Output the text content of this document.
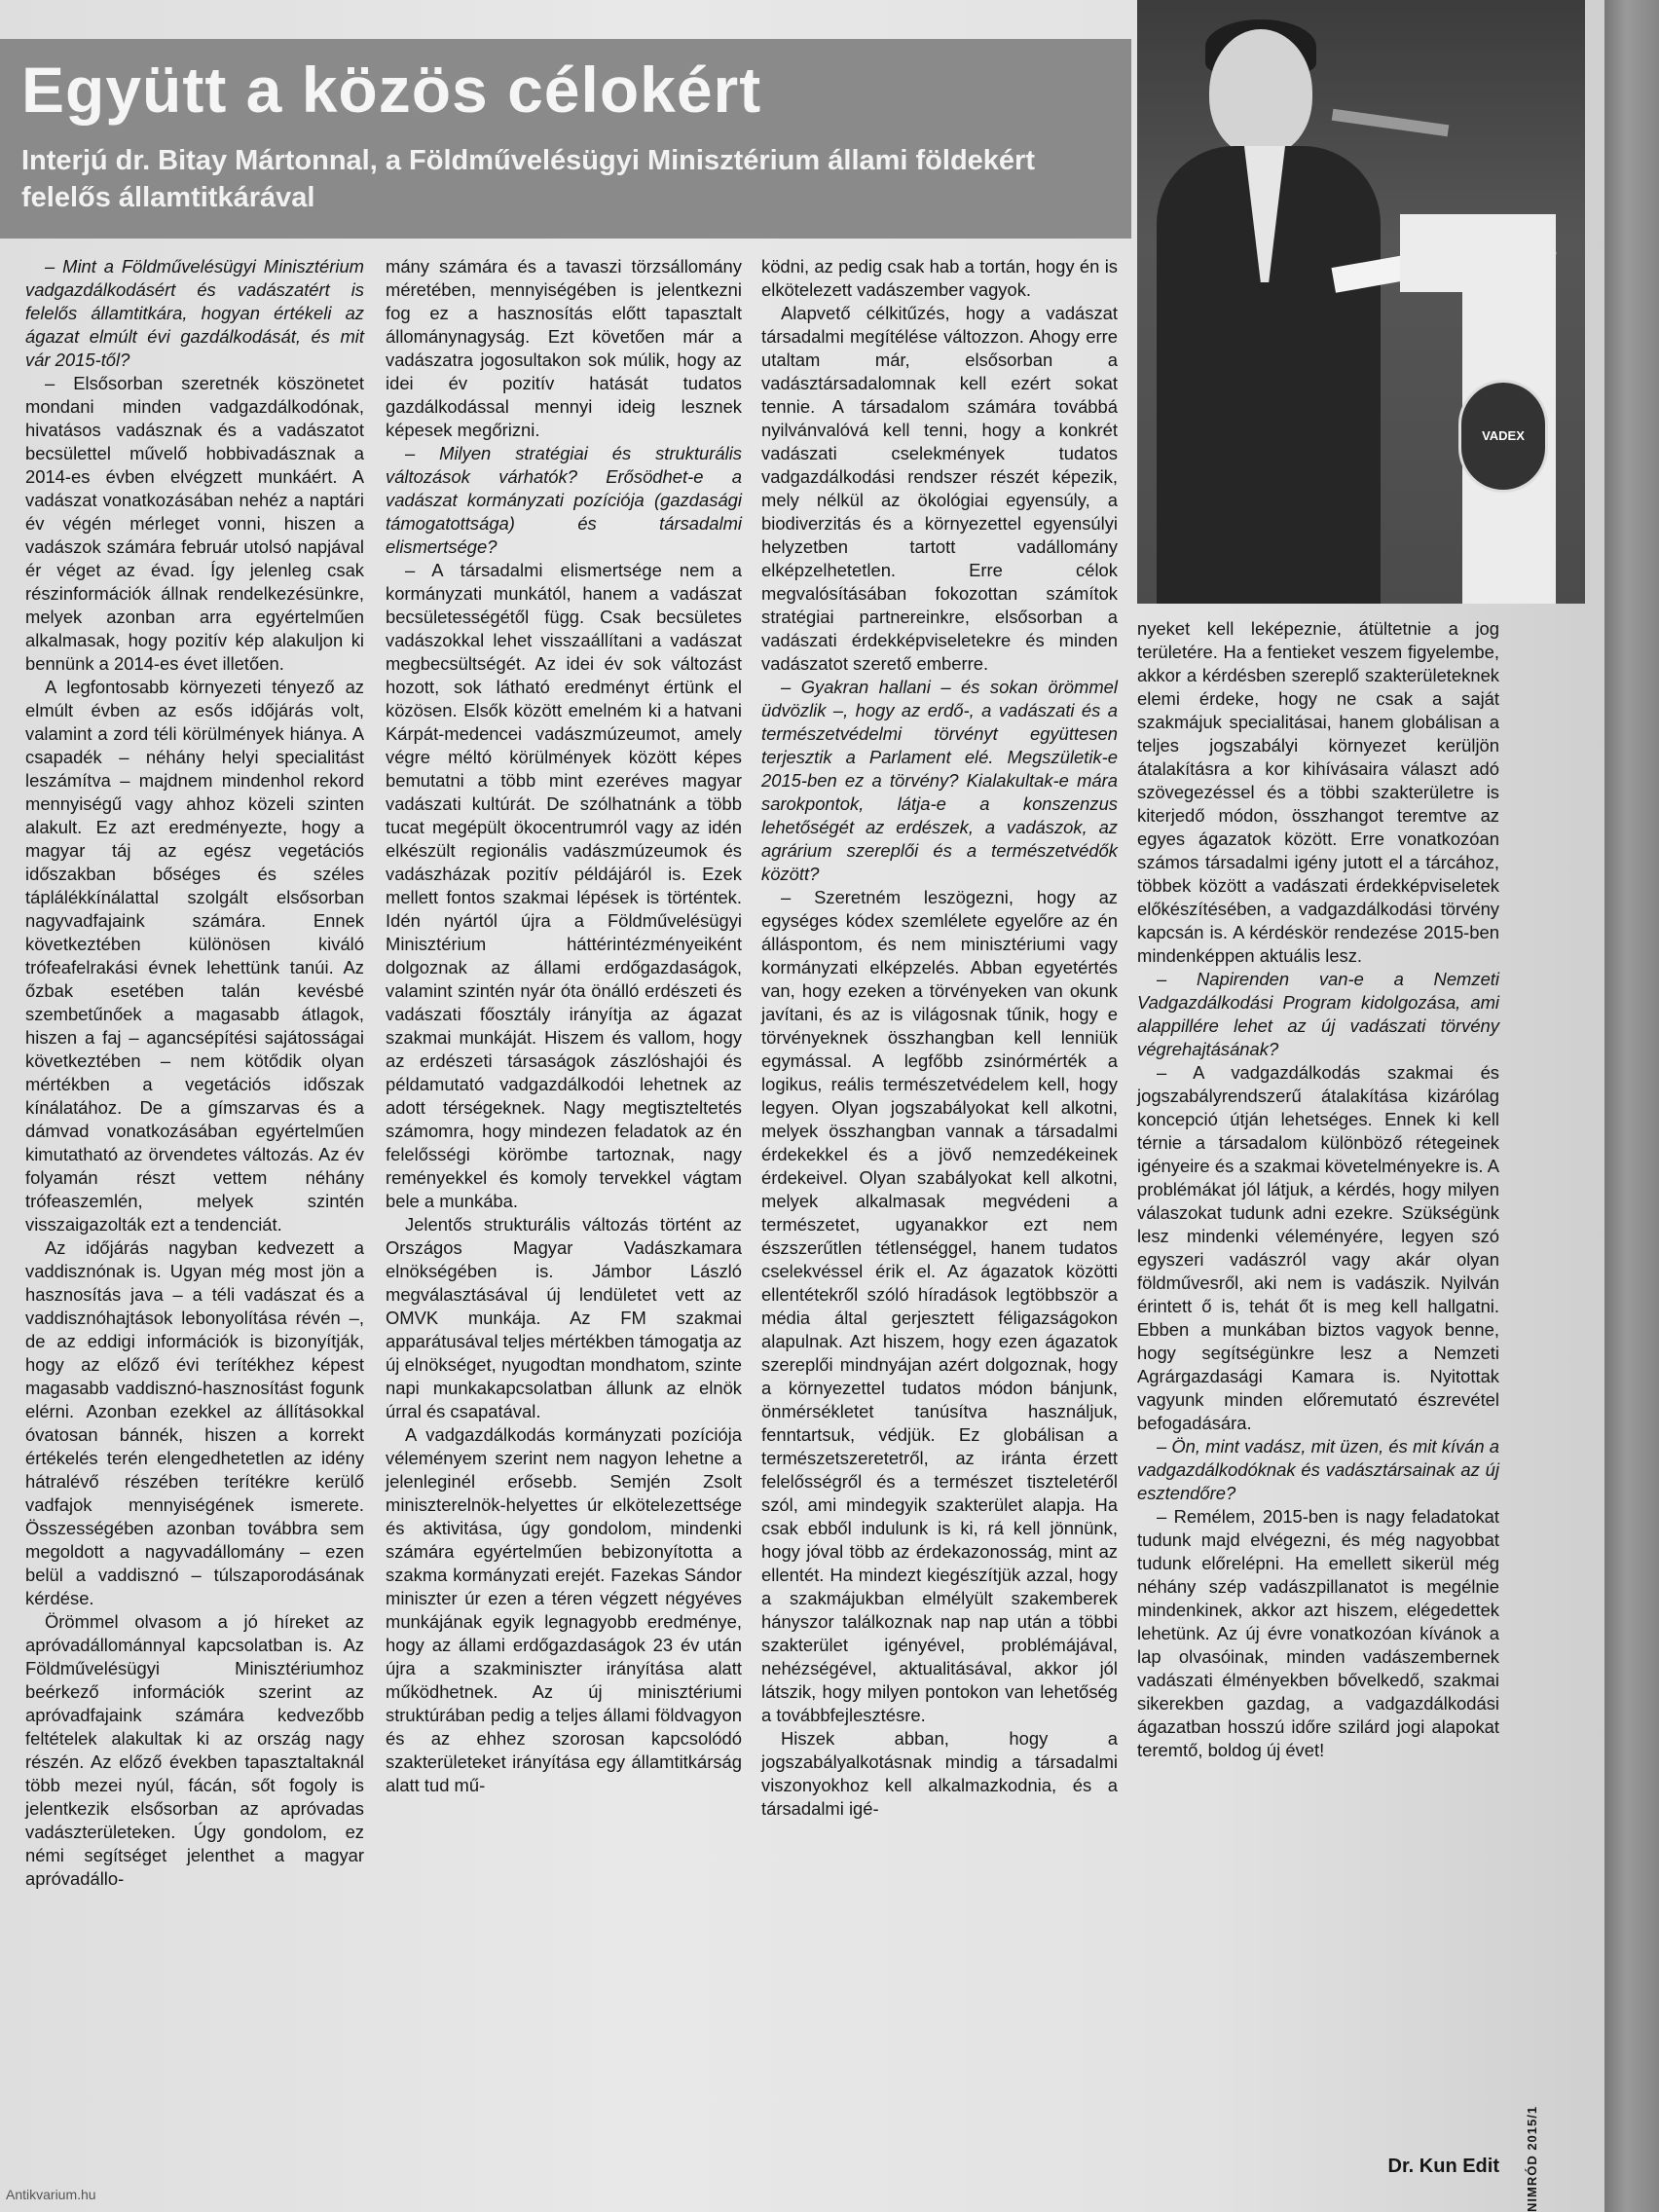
Együtt a közös célokért
Interjú dr. Bitay Mártonnal, a Földművelésügyi Minisztérium állami földekért felelős államtitkárával
VADEX

– Mint a Földművelésügyi Minisztérium vadgazdálkodásért és vadászatért is felelős államtitkára, hogyan értékeli az ágazat elmúlt évi gazdálkodását, és mit vár 2015-től?

– Elsősorban szeretnék köszönetet mondani minden vadgazdálkodónak, hivatásos vadásznak és a vadászatot becsülettel művelő hobbivadásznak a 2014-es évben elvégzett munkáért. A vadászat vonatkozásában nehéz a naptári év végén mérleget vonni, hiszen a vadászok számára február utolsó napjával ér véget az évad. Így jelenleg csak részinformációk állnak rendelkezésünkre, melyek azonban arra egyértelműen alkalmasak, hogy pozitív kép alakuljon ki bennünk a 2014-es évet illetően.

A legfontosabb környezeti tényező az elmúlt évben az esős időjárás volt, valamint a zord téli körülmények hiánya. A csapadék – néhány helyi specialitást leszámítva – majdnem mindenhol rekord mennyiségű vagy ahhoz közeli szinten alakult. Ez azt eredményezte, hogy a magyar táj az egész vegetációs időszakban bőséges és széles táplálékkínálattal szolgált elsősorban nagyvadfajaink számára. Ennek következtében különösen kiváló trófeafelrakási évnek lehettünk tanúi. Az őzbak esetében talán kevésbé szembetűnőek a magasabb átlagok, hiszen a faj – agancsépítési sajátosságai következtében – nem kötődik olyan mértékben a vegetációs időszak kínálatához. De a gímszarvas és a dámvad vonatkozásában egyértelműen kimutatható az örvendetes változás. Az év folyamán részt vettem néhány trófeaszemlén, melyek szintén visszaigazolták ezt a tendenciát.

Az időjárás nagyban kedvezett a vaddisznónak is. Ugyan még most jön a hasznosítás java – a téli vadászat és a vaddisznóhajtások lebonyolítása révén –, de az eddigi információk is bizonyítják, hogy az előző évi terítékhez képest magasabb vaddisznó-hasznosítást fogunk elérni. Azonban ezekkel az állításokkal óvatosan bánnék, hiszen a korrekt értékelés terén elengedhetetlen az idény hátralévő részében terítékre kerülő vadfajok mennyiségének ismerete. Összességében azonban továbbra sem megoldott a nagyvadállomány – ezen belül a vaddisznó – túlszaporodásának kérdése.

Örömmel olvasom a jó híreket az apróvadállománnyal kapcsolatban is. Az Földművelésügyi Minisztériumhoz beérkező információk szerint az apróvadfajaink számára kedvezőbb feltételek alakultak ki az ország nagy részén. Az előző években tapasztaltaknál több mezei nyúl, fácán, sőt fogoly is jelentkezik elsősorban az apróvadas vadászterületeken. Úgy gondolom, ez némi segítséget jelenthet a magyar apróvadállo-

mány számára és a tavaszi törzsállomány méretében, mennyiségében is jelentkezni fog ez a hasznosítás előtt tapasztalt állománynagyság. Ezt követően már a vadászatra jogosultakon sok múlik, hogy az idei év pozitív hatását tudatos gazdálkodással mennyi ideig lesznek képesek megőrizni.

– Milyen stratégiai és strukturális változások várhatók? Erősödhet-e a vadászat kormányzati pozíciója (gazdasági támogatottsága) és társadalmi elismertsége?

– A társadalmi elismertsége nem a kormányzati munkától, hanem a vadászat becsületességétől függ. Csak becsületes vadászokkal lehet visszaállítani a vadászat megbecsültségét. Az idei év sok változást hozott, sok látható eredményt értünk el közösen. Elsők között emelném ki a hatvani Kárpát-medencei vadászmúzeumot, amely végre méltó körülmények között képes bemutatni a több mint ezeréves magyar vadászati kultúrát. De szólhatnánk a több tucat megépült ökocentrumról vagy az idén elkészült regionális vadászmúzeumok és vadászházak pozitív példájáról is. Ezek mellett fontos szakmai lépések is történtek. Idén nyártól újra a Földművelésügyi Minisztérium háttérintézményeiként dolgoznak az állami erdőgazdaságok, valamint szintén nyár óta önálló erdészeti és vadászati főosztály irányítja az ágazat szakmai munkáját. Hiszem és vallom, hogy az erdészeti társaságok zászlóshajói és példamutató vadgazdálkodói lehetnek az adott térségeknek. Nagy megtiszteltetés számomra, hogy mindezen feladatok az én felelősségi körömbe tartoznak, nagy reményekkel és komoly tervekkel vágtam bele a munkába.

Jelentős strukturális változás történt az Országos Magyar Vadászkamara elnökségében is. Jámbor László megválasztásával új lendületet vett az OMVK munkája. Az FM szakmai apparátusával teljes mértékben támogatja az új elnökséget, nyugodtan mondhatom, szinte napi munkakapcsolatban állunk az elnök úrral és csapatával.

A vadgazdálkodás kormányzati pozíciója véleményem szerint nem nagyon lehetne a jelenleginél erősebb. Semjén Zsolt miniszterelnök-helyettes úr elkötelezettsége és aktivitása, úgy gondolom, mindenki számára egyértelműen bebizonyította a szakma kormányzati erejét. Fazekas Sándor miniszter úr ezen a téren végzett négyéves munkájának egyik legnagyobb eredménye, hogy az állami erdőgazdaságok 23 év után újra a szakminiszter irányítása alatt működhetnek. Az új minisztériumi struktúrában pedig a teljes állami földvagyon és az ehhez szorosan kapcsolódó szakterületeket irányítása egy államtitkárság alatt tud mű-

ködni, az pedig csak hab a tortán, hogy én is elkötelezett vadászember vagyok.

Alapvető célkitűzés, hogy a vadászat társadalmi megítélése változzon. Ahogy erre utaltam már, elsősorban a vadásztársadalomnak kell ezért sokat tennie. A társadalom számára továbbá nyilvánvalóvá kell tenni, hogy a konkrét vadászati cselekmények tudatos vadgazdálkodási rendszer részét képezik, mely nélkül az ökológiai egyensúly, a biodiverzitás és a környezettel egyensúlyi helyzetben tartott vadállomány elképzelhetetlen. Erre célok megvalósításában fokozottan számítok stratégiai partnereinkre, elsősorban a vadászati érdekképviseletekre és minden vadászatot szerető emberre.

– Gyakran hallani – és sokan örömmel üdvözlik –, hogy az erdő-, a vadászati és a természetvédelmi törvényt együttesen terjesztik a Parlament elé. Megszületik-e 2015-ben ez a törvény? Kialakultak-e mára sarokpontok, látja-e a konszenzus lehetőségét az erdészek, a vadászok, az agrárium szereplői és a természetvédők között?

– Szeretném leszögezni, hogy az egységes kódex szemlélete egyelőre az én álláspontom, és nem minisztériumi vagy kormányzati elképzelés. Abban egyetértés van, hogy ezeken a törvényeken van okunk javítani, és az is világosnak tűnik, hogy e törvényeknek összhangban kell lenniük egymással. A legfőbb zsinórmérték a logikus, reális természetvédelem kell, hogy legyen. Olyan jogszabályokat kell alkotni, melyek összhangban vannak a társadalmi érdekekkel és a jövő nemzedékeinek érdekeivel. Olyan szabályokat kell alkotni, melyek alkalmasak megvédeni a természetet, ugyanakkor ezt nem észszerűtlen tétlenséggel, hanem tudatos cselekvéssel érik el. Az ágazatok közötti ellentétekről szóló híradások legtöbbször a média által gerjesztett féligazságokon alapulnak. Azt hiszem, hogy ezen ágazatok szereplői mindnyájan azért dolgoznak, hogy a környezettel tudatos módon bánjunk, önmérsékletet tanúsítva használjuk, fenntartsuk, védjük. Ez globálisan a természetszeretetről, az iránta érzett felelősségről és a természet tiszteletéről szól, ami mindegyik szakterület alapja. Ha csak ebből indulunk is ki, rá kell jönnünk, hogy jóval több az érdekazonosság, mint az ellentét. Ha mindezt kiegészítjük azzal, hogy a szakmájukban elmélyült szakemberek hányszor találkoznak nap nap után a többi szakterület igényével, problémájával, nehézségével, aktualitásával, akkor jól látszik, hogy milyen pontokon van lehetőség a továbbfejlesztésre.

Hiszek abban, hogy a jogszabályalkotásnak mindig a társadalmi viszonyokhoz kell alkalmazkodnia, és a társadalmi igé-

nyeket kell leképeznie, átültetnie a jog területére. Ha a fentieket veszem figyelembe, akkor a kérdésben szereplő szakterületeknek elemi érdeke, hogy ne csak a saját szakmájuk specialitásai, hanem globálisan a teljes jogszabályi környezet kerüljön átalakításra a kor kihívásaira választ adó szövegezéssel és a többi szakterületre is kiterjedő módon, összhangot teremtve az egyes ágazatok között. Erre vonatkozóan számos társadalmi igény jutott el a tárcához, többek között a vadászati érdekképviseletek előkészítésében, a vadgazdálkodási törvény kapcsán is. A kérdéskör rendezése 2015-ben mindenképpen aktuális lesz.

– Napirenden van-e a Nemzeti Vadgazdálkodási Program kidolgozása, ami alappillére lehet az új vadászati törvény végrehajtásának?

– A vadgazdálkodás szakmai és jogszabályrendszerű átalakítása kizárólag koncepció útján lehetséges. Ennek ki kell térnie a társadalom különböző rétegeinek igényeire és a szakmai követelményekre is. A problémákat jól látjuk, a kérdés, hogy milyen válaszokat tudunk adni ezekre. Szükségünk lesz mindenki véleményére, legyen szó egyszeri vadászról vagy akár olyan földművesről, aki nem is vadászik. Nyilván érintett ő is, tehát őt is meg kell hallgatni. Ebben a munkában biztos vagyok benne, hogy segítségünkre lesz a Nemzeti Agrárgazdasági Kamara is. Nyitottak vagyunk minden előremutató észrevétel befogadására.

– Ön, mint vadász, mit üzen, és mit kíván a vadgazdálkodóknak és vadásztársainak az új esztendőre?

– Remélem, 2015-ben is nagy feladatokat tudunk majd elvégezni, és még nagyobbat tudunk előrelépni. Ha emellett sikerül még néhány szép vadászpillanatot is megélnie mindenkinek, akkor azt hiszem, elégedettek lehetünk. Az új évre vonatkozóan kívánok a lap olvasóinak, minden vadászembernek vadászati élményekben bővelkedő, szakmai sikerekben gazdag, a vadgazdálkodási ágazatban hosszú időre szilárd jogi alapokat teremtő, boldog új évet!

Dr. Kun Edit NIMRÓD 2015/1

Antikvarium.hu
